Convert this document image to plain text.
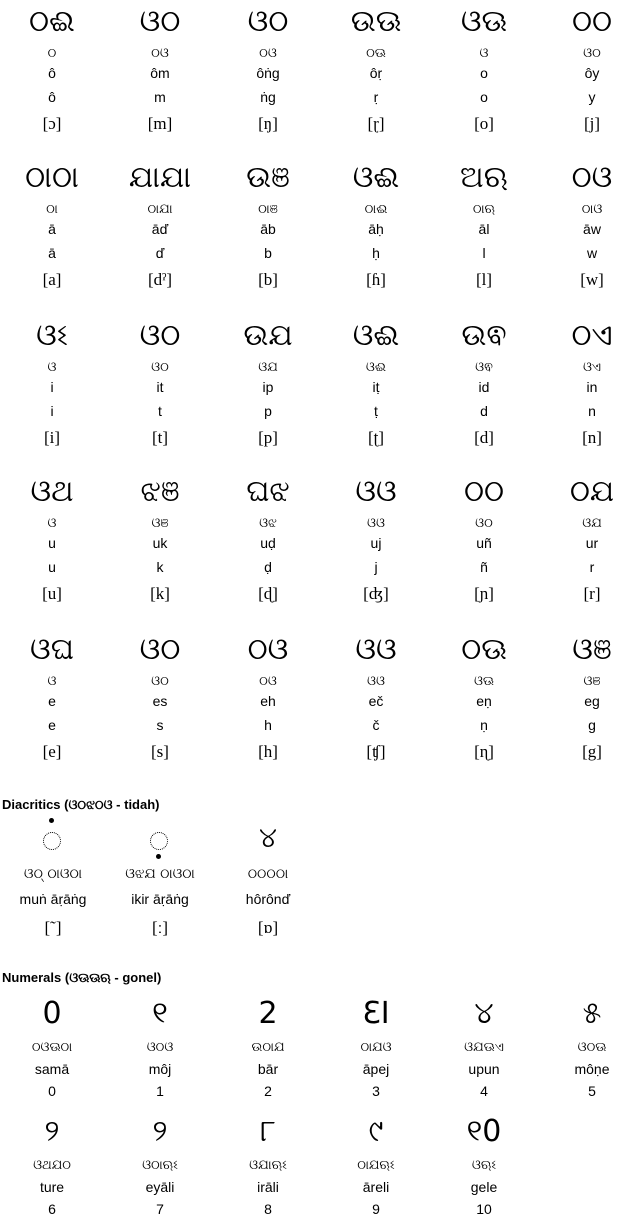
ଠଈ
ଠ
ô
ô
[ɔ]
ଓଠ
ଠଓ
ôm
m
[m]
ଓଠ
ଠଓ
ôṅg
ṅg
[ŋ]
ଉଊ
ଠଊ
ôṛ
ṛ
[ɽ]
ଓଊ
ଓ
o
o
[o]
ଠଠ
ଓଠ
ôy
y
[j]
ଠାଠା
ଠା
ā
ā
[a]
ଯାଯା
ଠାଯା
āď
ď
[dˀ]
ଉଞ
ଠାଞ
āb
b
[b]
ଓଈ
ଠାଈ
āḥ
ḥ
[ɦ]
ଅଋ
ଠାଋ
āl
l
[l]
ଠଓ
ଠାଓ
āw
w
[w]
ଓଽ
ଓ
i
i
[i]
ଓଠ
ଓଠ
it
t
[t]
ଉଯ
ଓଯ
ip
p
[p]
ଓଈ
ଓଈ
iṭ
ṭ
[ʈ]
ଉଵ
ଓଵ
id
d
[d]
ଠଏ
ଓଏ
in
n
[n]
ଓଥ
ଓ
u
u
[u]
ଝଞ
ଓଞ
uk
k
[k]
ଘଝ
ଓଝ
uḍ
ḍ
[ɖ]
ଓଓ
ଓଓ
uj
j
[ʤ]
ଠଠ
ଓଠ
uñ
ñ
[ɲ]
ଠଯ
ଓଯ
ur
r
[r]
ଓଘ
ଓ
e
e
[e]
ଓଠ
ଓଠ
es
s
[s]
ଠଓ
ଠଓ
eh
h
[h]
ଓଓ
ଓଓ
eč
č
[ʧ]
ଠଊ
ଓଊ
eṇ
ṇ
[ɳ]
ଓଞ
ଓଞ
eg
g
[g]
Diacritics (ଓଠଝଠଓ - tidah)
ଓଠ୍ ଠାଓଠା
muṅ āṛāṅg
[˜]
ଓଝଯ ଠାଓଠା
ikir āṛāṅg
[ː]
୪
ଠଠଠଠା
hôrônď
[ɒ]
Numerals (ଓଊଊଋ - gonel)
0
ଠଓଊଠା
samā
0
୧
ଓଠଓ
môj
1
2
ଉଠାଯ
bār
2
ƐI
ଠାଯଓ
āpej
3
୪
ଓଯଊଏ
upun
4
୫
ଓଠଊ
môṇe
5
୨
ଓଥଯଠ
ture
6
୨
ଓଠାଋଽ
eyāli
7
୮
ଓଯାଋଽ
irāli
8
୯
ଠାଯଋଽ
āreli
9
୧0
ଓଋଽ
gele
10
